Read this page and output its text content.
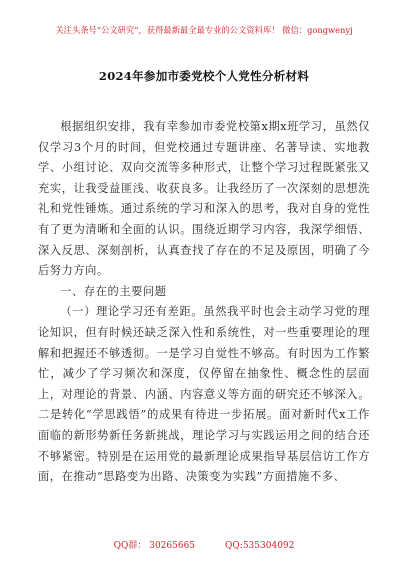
关注头条号“公文研究”，获得最新最全最专业的公文资料库！ 微信：gongwenyj
2024年参加市委党校个人党性分析材料

根据组织安排，我有幸参加市委党校第x期x班学习，虽然仅仅学习3个月的时间，但党校通过专题讲座、名著导读、实地教学、小组讨论、双向交流等多种形式，让整个学习过程既紧张又充实，让我受益匪浅、收获良多。让我经历了一次深刻的思想洗礼和党性锤炼。通过系统的学习和深入的思考，我对自身的党性有了更为清晰和全面的认识。围绕近期学习内容，我深学细悟、深入反思、深刻剖析，认真查找了存在的不足及原因，明确了今后努力方向。

一、存在的主要问题

（一）理论学习还有差距。虽然我平时也会主动学习党的理论知识，但有时候还缺乏深入性和系统性，对一些重要理论的理解和把握还不够透彻。一是学习自觉性不够高。有时因为工作繁忙，减少了学习频次和深度，仅停留在抽象性、概念性的层面上，对理论的背景、内涵、内容意义等方面的研究还不够深入。二是转化“学思践悟”的成果有待进一步拓展。面对新时代x工作面临的新形势新任务新挑战，理论学习与实践运用之间的结合还不够紧密。特别是在运用党的最新理论成果指导基层信访工作方面，在推动“思路变为出路、决策变为实践”方面措施不多、

QQ群： 30265665	QQ:535304092
